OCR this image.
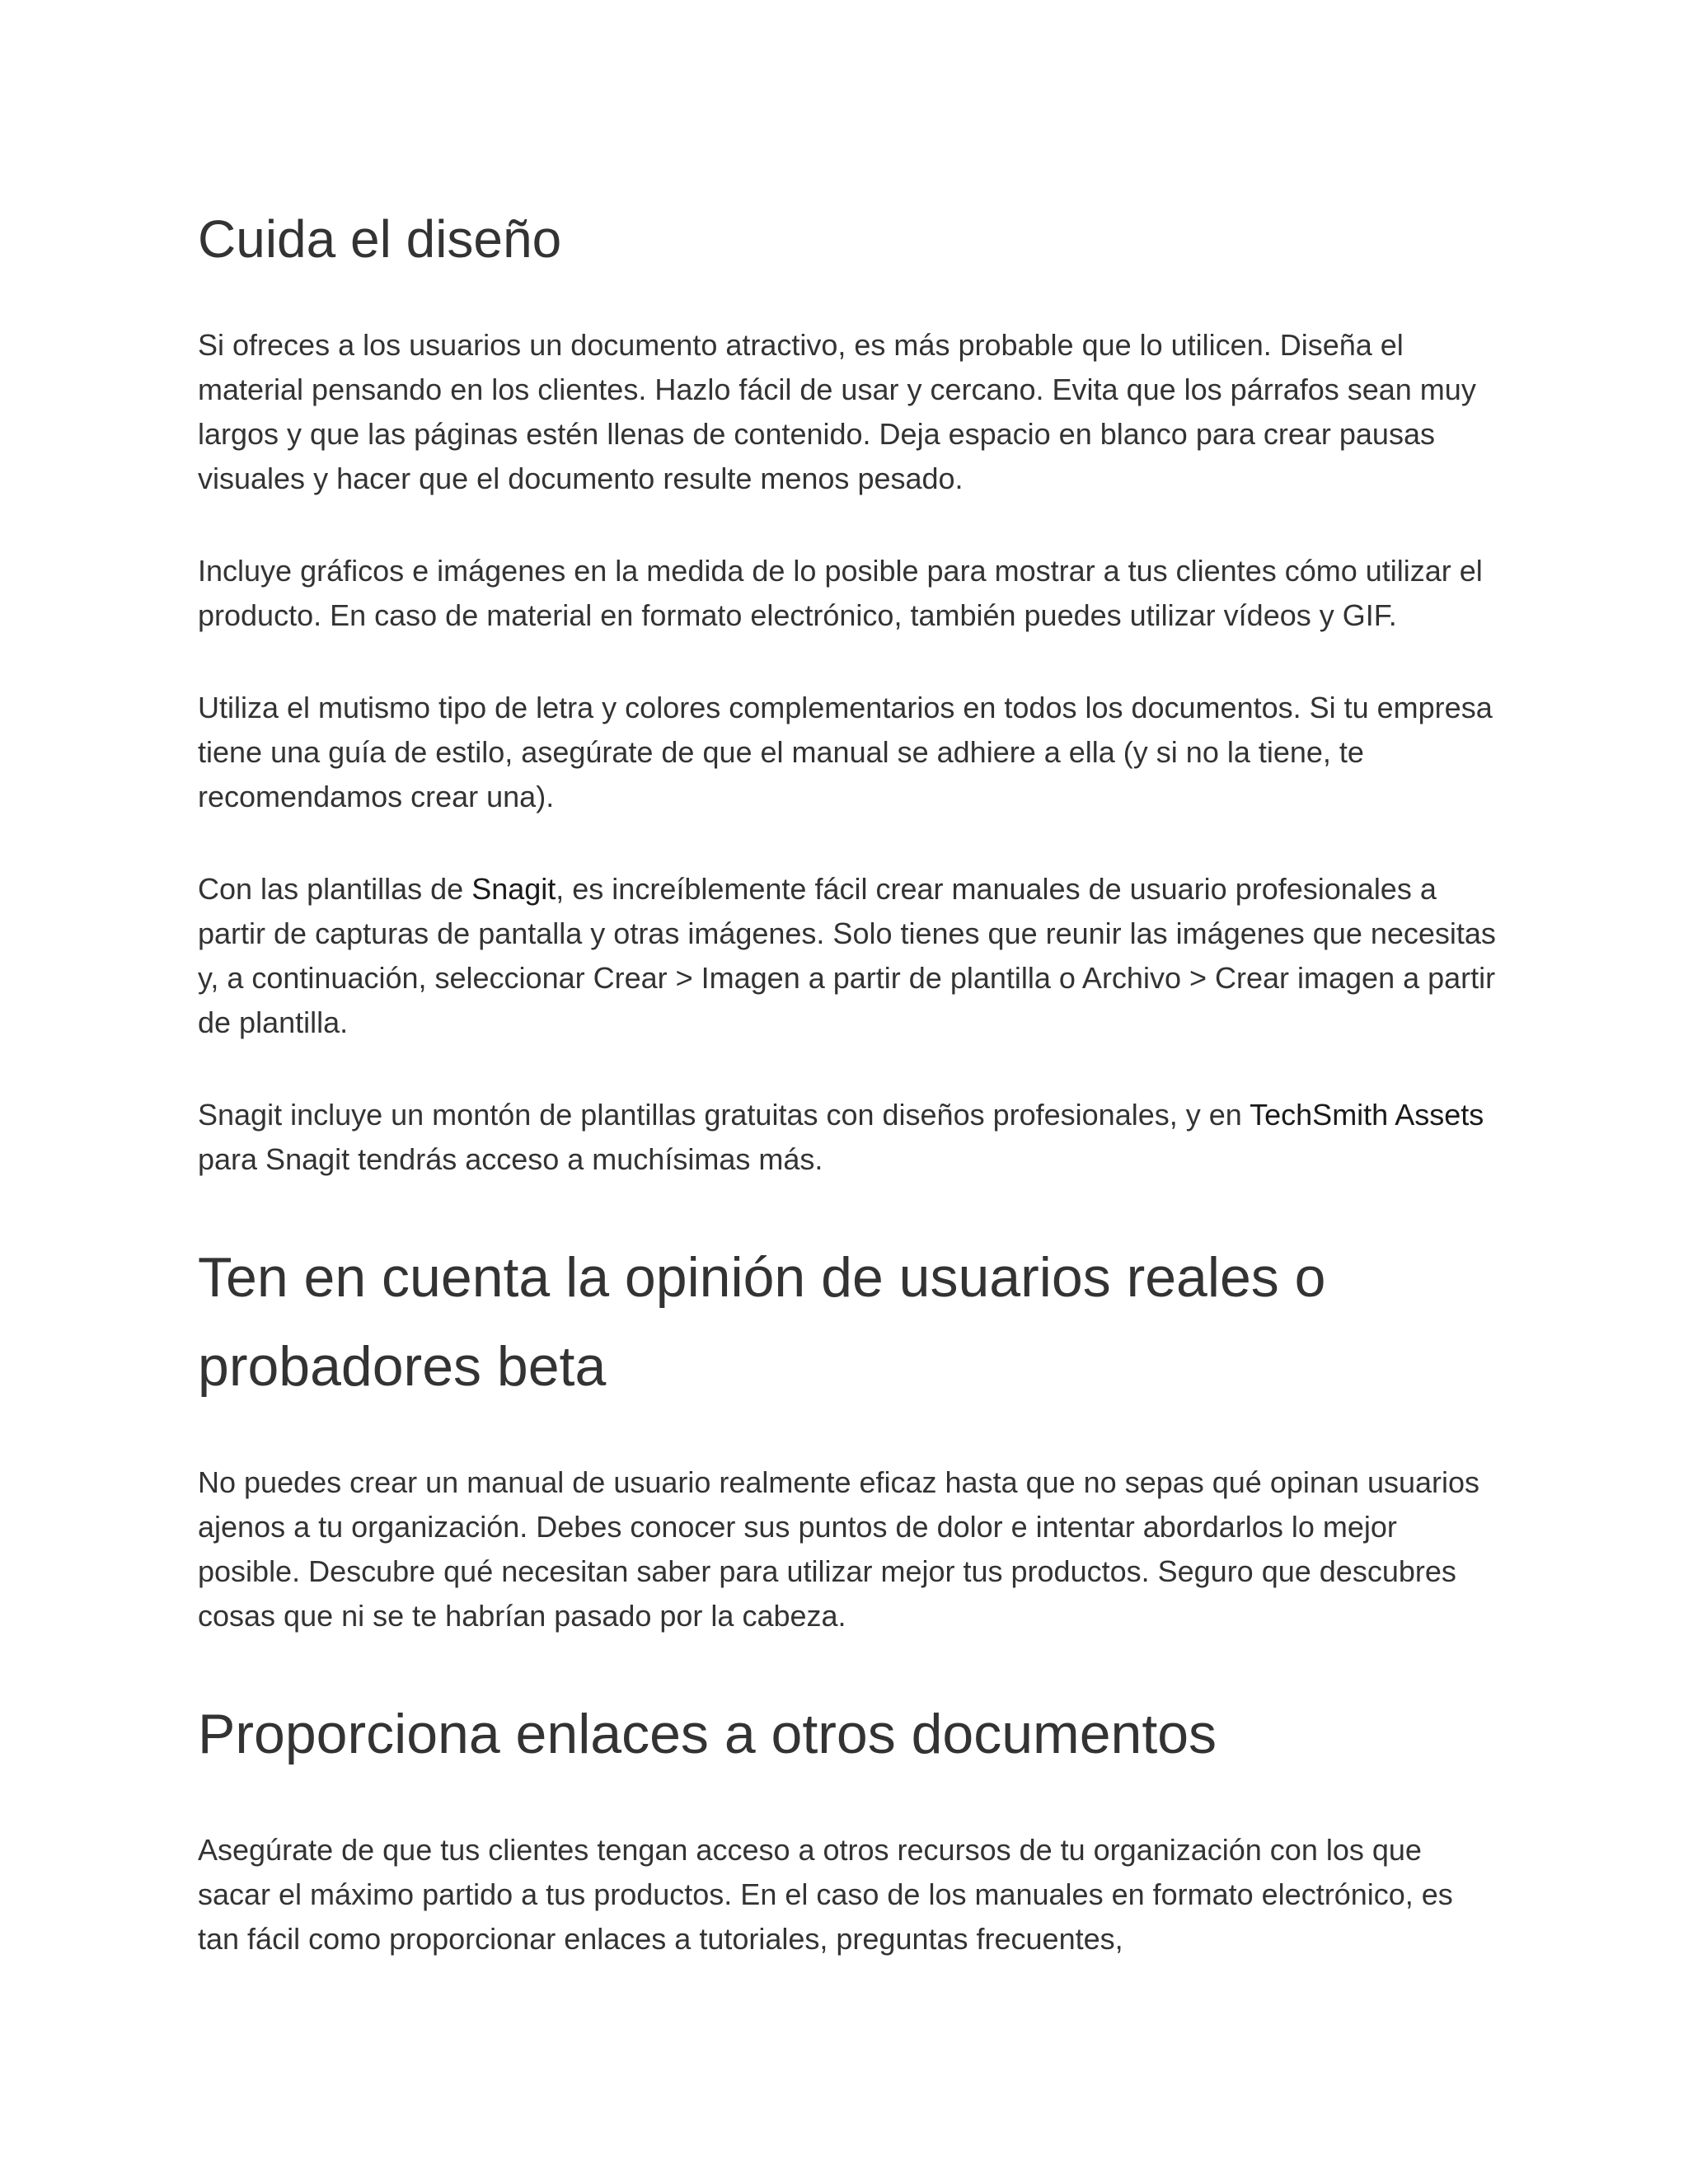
Cuida el diseño

Si ofreces a los usuarios un documento atractivo, es más probable que lo utilicen. Diseña el material pensando en los clientes. Hazlo fácil de usar y cercano. Evita que los párrafos sean muy largos y que las páginas estén llenas de contenido. Deja espacio en blanco para crear pausas visuales y hacer que el documento resulte menos pesado.

Incluye gráficos e imágenes en la medida de lo posible para mostrar a tus clientes cómo utilizar el producto. En caso de material en formato electrónico, también puedes utilizar vídeos y GIF.

Utiliza el mutismo tipo de letra y colores complementarios en todos los documentos. Si tu empresa tiene una guía de estilo, asegúrate de que el manual se adhiere a ella (y si no la tiene, te recomendamos crear una).

Con las plantillas de Snagit, es increíblemente fácil crear manuales de usuario profesionales a partir de capturas de pantalla y otras imágenes. Solo tienes que reunir las imágenes que necesitas y, a continuación, seleccionar Crear > Imagen a partir de plantilla o Archivo > Crear imagen a partir de plantilla.

Snagit incluye un montón de plantillas gratuitas con diseños profesionales, y en TechSmith Assets para Snagit tendrás acceso a muchísimas más.

Ten en cuenta la opinión de usuarios reales o probadores beta

No puedes crear un manual de usuario realmente eficaz hasta que no sepas qué opinan usuarios ajenos a tu organización. Debes conocer sus puntos de dolor e intentar abordarlos lo mejor posible. Descubre qué necesitan saber para utilizar mejor tus productos. Seguro que descubres cosas que ni se te habrían pasado por la cabeza.

Proporciona enlaces a otros documentos

Asegúrate de que tus clientes tengan acceso a otros recursos de tu organización con los que sacar el máximo partido a tus productos. En el caso de los manuales en formato electrónico, es tan fácil como proporcionar enlaces a tutoriales, preguntas frecuentes,
